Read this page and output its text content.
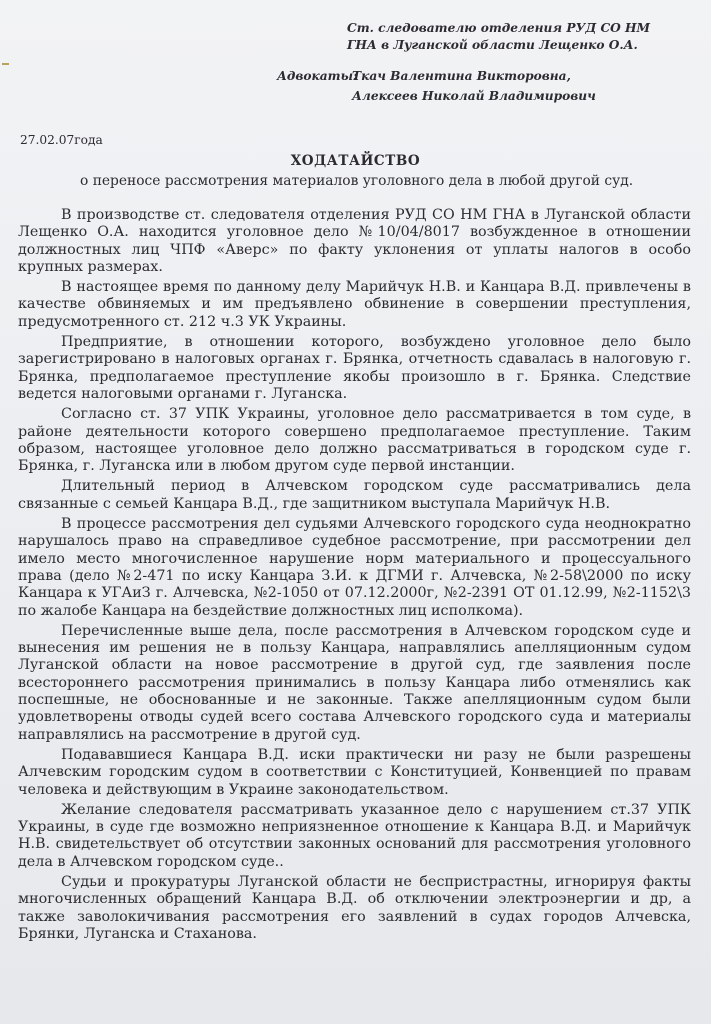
Ст. следователю отделения РУД СО НМ
ГНА в Луганской области Лещенко О.А.
Адвокаты:
Ткач Валентина Викторовна,
Алексеев Николай Владимирович
27.02.07года
ХОДАТАЙСТВО
о переносе рассмотрения материалов уголовного дела в любой другой суд.

В производстве ст. следователя отделения РУД СО НМ ГНА в Луганской области Лещенко О.А. находится уголовное дело №10/04/8017 возбужденное в отношении должностных лиц ЧПФ «Аверс» по факту уклонения от уплаты налогов в особо крупных размерах.

В настоящее время по данному делу Марийчук Н.В. и Канцара В.Д. привлечены в качестве обвиняемых и им предъявлено обвинение в совершении преступления, предусмотренного ст. 212 ч.3 УК Украины.

Предприятие, в отношении которого, возбуждено уголовное дело было зарегистрировано в налоговых органах г. Брянка, отчетность сдавалась в налоговую г. Брянка, предполагаемое преступление якобы произошло в г. Брянка. Следствие ведется налоговыми органами г. Луганска.

Согласно ст. 37 УПК Украины, уголовное дело рассматривается в том суде, в районе деятельности которого совершено предполагаемое преступление. Таким образом, настоящее уголовное дело должно рассматриваться в городском суде г. Брянка, г. Луганска или в любом другом суде первой инстанции.

Длительный период в Алчевском городском суде рассматривались дела связанные с семьей Канцара В.Д., где защитником выступала Марийчук Н.В.

В процессе рассмотрения дел судьями Алчевского городского суда неоднократно нарушалось право на справедливое судебное рассмотрение, при рассмотрении дел имело место многочисленное нарушение норм материального и процессуального права (дело №2-471 по иску Канцара З.И. к ДГМИ г. Алчевска, №2-58\2000 по иску Канцара к УГАиЗ г. Алчевска, №2-1050 от 07.12.2000г, №2-2391 ОТ 01.12.99, №2-1152\3 по жалобе Канцара на бездействие должностных лиц исполкома).

Перечисленные выше дела, после рассмотрения в Алчевском городском суде и вынесения им решения не в пользу Канцара, направлялись апелляционным судом Луганской области на новое рассмотрение в другой суд, где заявления после всестороннего рассмотрения принимались в пользу Канцара либо отменялись как поспешные, не обоснованные и не законные. Также апелляционным судом были удовлетворены отводы судей всего состава Алчевского городского суда и материалы направлялись на рассмотрение в другой суд.

Подававшиеся Канцара В.Д. иски практически ни разу не были разрешены Алчевским городским судом в соответствии с Конституцией, Конвенцией по правам человека и действующим в Украине законодательством.

Желание следователя рассматривать указанное дело с нарушением ст.37 УПК Украины, в суде где возможно неприязненное отношение к Канцара В.Д. и Марийчук Н.В. свидетельствует об отсутствии законных оснований для рассмотрения уголовного дела в Алчевском городском суде..

Судьи и прокуратуры Луганской области не беспристрастны, игнорируя факты многочисленных обращений Канцара В.Д. об отключении электроэнергии и др, а также заволокичивания рассмотрения его заявлений в судах городов Алчевска, Брянки, Луганска и Стаханова.
